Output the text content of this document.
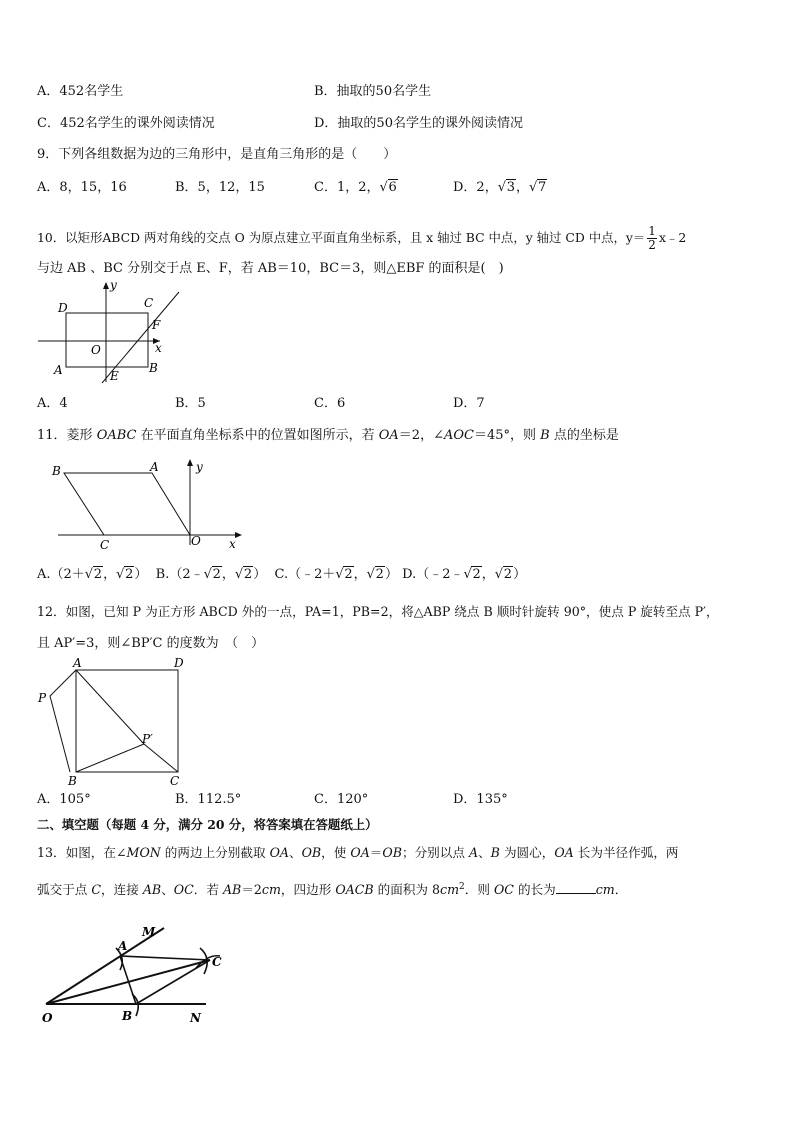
A．452名学生	B．抽取的50名学生
C．452名学生的课外阅读情况	D．抽取的50名学生的课外阅读情况
9．下列各组数据为边的三角形中，是直角三角形的是（　　）
A．8，15，16	B．5，12，15	C．1，2， √ 6	D．2， √ 3， √ 7
10．以矩形ABCD 两对角线的交点 O 为原点建立平面直角坐标系，且 x 轴过 BC 中点，y 轴过 CD 中点，$y= \frac{1}{2}$ x﹣2
与边 AB 、BC 分别交于点 E、F，若 AB＝10，BC＝3，则△EBF 的面积是(　)
D	C
y
F
O	x
A	E
B
A．4	B．5	C．6	D．7
11．菱形 OABC 在平面直角坐标系中的位置如图所示，若 OA＝2，∠AOC＝45°，则 B 点的坐标是
B	A	y
C	O x
A.（2＋ √ 2， √ 2） B.（2﹣ √ 2， √ 2） C.（﹣2＋ √ 2， √ 2） D.（﹣2﹣ √ 2， √ 2）
12．如图，已知 P 为正方形 ABCD 外的一点，PA=1，PB=2，将△ABP 绕点 B 顺时针旋转 90°，使点 P 旋转至点 P′，
且 AP′=3，则∠BP′C 的度数为　（　）
A	D
P
P′
B	C
A．105°	B．112.5°	C．120°	D．135°
二、填空题（每题 4 分，满分 20 分，将答案填在答题纸上）
13．如图，在∠MON 的两边上分别截取 OA、OB，使 OA＝OB；分别以点 A、B 为圆心，OA 长为半径作弧，两
弧交于点 C，连接 AB、OC．若 AB＝2cm，四边形 OACB 的面积为 $8cm^2$．则 OC 的长为	cm．
A
M
C
O	B	N
